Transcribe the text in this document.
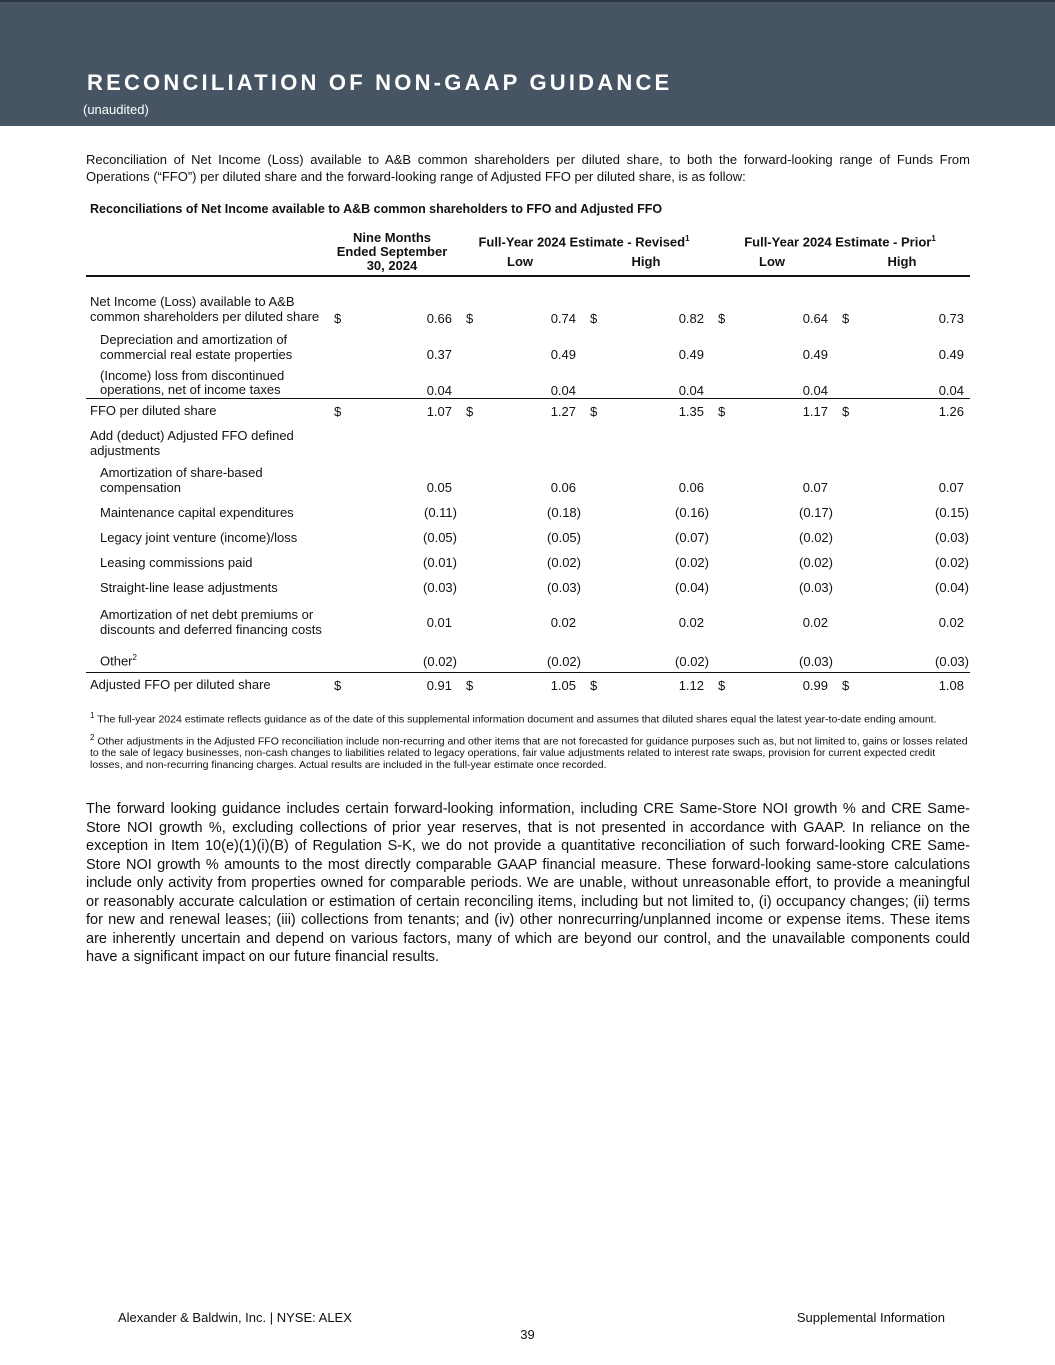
RECONCILIATION OF NON-GAAP GUIDANCE
(unaudited)
Reconciliation of Net Income (Loss) available to A&B common shareholders per diluted share, to both the forward-looking range of Funds From Operations (“FFO”) per diluted share and the forward-looking range of Adjusted FFO per diluted share, is as follow:
Reconciliations of Net Income available to A&B common shareholders to FFO and Adjusted FFO
	Nine Months Ended September 30, 2024		Full-Year 2024 Estimate - Revised$^1$				Full-Year 2024 Estimate - Prior$^1$
			Low		High		Low		High	
Net Income (Loss) available to A&B common shareholders per diluted share	$	0.66	$	0.74	$	0.82	$	0.64	$	0.73
Depreciation and amortization of commercial real estate properties		0.37		0.49		0.49		0.49		0.49
(Income) loss from discontinued operations, net of income taxes		0.04		0.04		0.04		0.04		0.04
FFO per diluted share	$	1.07	$	1.27	$	1.35	$	1.17	$	1.26
Add (deduct) Adjusted FFO defined adjustments										
Amortization of share-based compensation		0.05		0.06		0.06		0.07		0.07
Maintenance capital expenditures		(0.11)		(0.18)		(0.16)		(0.17)		(0.15)
Legacy joint venture (income)/loss		(0.05)		(0.05)		(0.07)		(0.02)		(0.03)
Leasing commissions paid		(0.01)		(0.02)		(0.02)		(0.02)		(0.02)
Straight-line lease adjustments		(0.03)		(0.03)		(0.04)		(0.03)		(0.04)
Amortization of net debt premiums or discounts and deferred financing costs		0.01		0.02		0.02		0.02		0.02
Other$^2$		(0.02)		(0.02)		(0.02)		(0.03)		(0.03)
Adjusted FFO per diluted share	$	0.91	$	1.05	$	1.12	$	0.99	$	1.08

$^1$ The full-year 2024 estimate reflects guidance as of the date of this supplemental information document and assumes that diluted shares equal the latest year-to-date ending amount.

$^2$ Other adjustments in the Adjusted FFO reconciliation include non-recurring and other items that are not forecasted for guidance purposes such as, but not limited to, gains or losses related to the sale of legacy businesses, non-cash changes to liabilities related to legacy operations, fair value adjustments related to interest rate swaps, provision for current expected credit losses, and non-recurring financing charges. Actual results are included in the full-year estimate once recorded.

The forward looking guidance includes certain forward-looking information, including CRE Same-Store NOI growth % and CRE Same-Store NOI growth %, excluding collections of prior year reserves, that is not presented in accordance with GAAP. In reliance on the exception in Item 10(e)(1)(i)(B) of Regulation S-K, we do not provide a quantitative reconciliation of such forward-looking CRE Same-Store NOI growth % amounts to the most directly comparable GAAP financial measure. These forward-looking same-store calculations include only activity from properties owned for comparable periods. We are unable, without unreasonable effort, to provide a meaningful or reasonably accurate calculation or estimation of certain reconciling items, including but not limited to, (i) occupancy changes; (ii) terms for new and renewal leases; (iii) collections from tenants; and (iv) other nonrecurring/unplanned income or expense items. These items are inherently uncertain and depend on various factors, many of which are beyond our control, and the unavailable components could have a significant impact on our future financial results.
Alexander & Baldwin, Inc. | NYSE: ALEX	Supplemental Information
39
